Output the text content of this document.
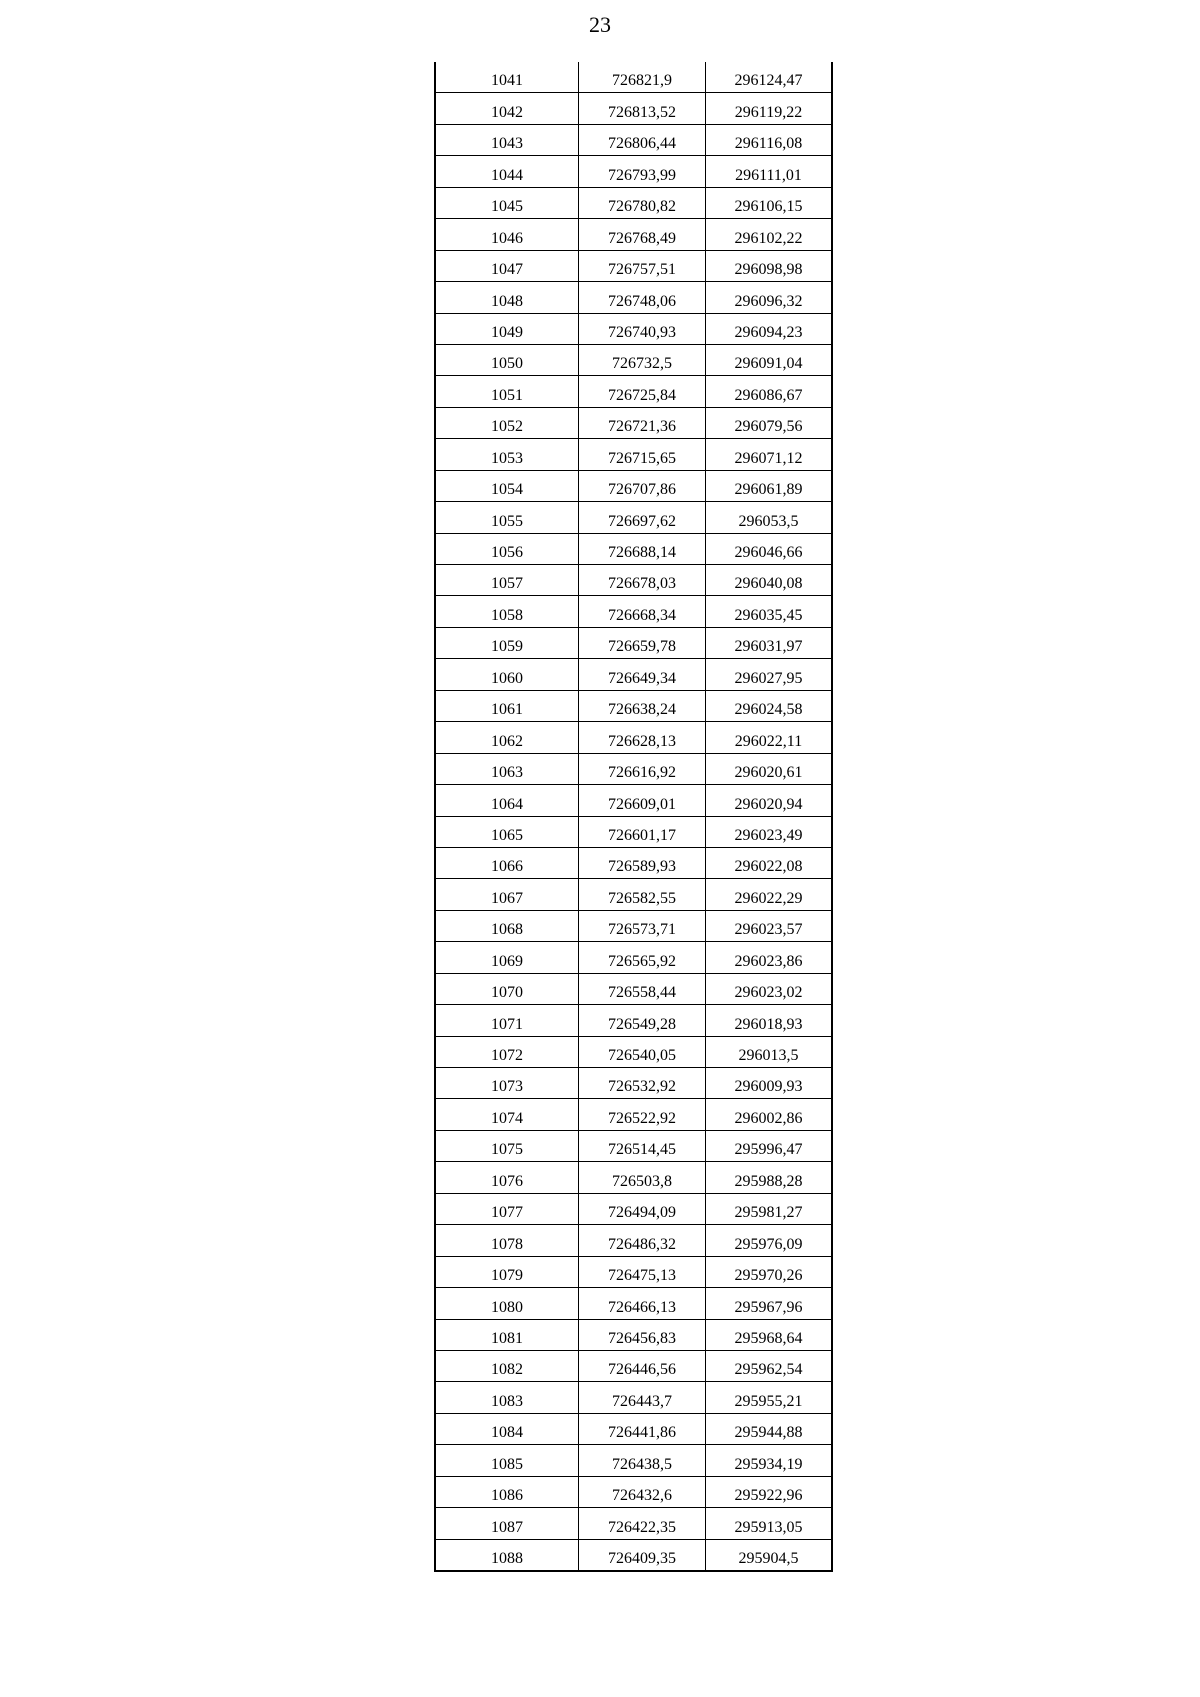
23
1041	726821,9	296124,47
1042	726813,52	296119,22
1043	726806,44	296116,08
1044	726793,99	296111,01
1045	726780,82	296106,15
1046	726768,49	296102,22
1047	726757,51	296098,98
1048	726748,06	296096,32
1049	726740,93	296094,23
1050	726732,5	296091,04
1051	726725,84	296086,67
1052	726721,36	296079,56
1053	726715,65	296071,12
1054	726707,86	296061,89
1055	726697,62	296053,5
1056	726688,14	296046,66
1057	726678,03	296040,08
1058	726668,34	296035,45
1059	726659,78	296031,97
1060	726649,34	296027,95
1061	726638,24	296024,58
1062	726628,13	296022,11
1063	726616,92	296020,61
1064	726609,01	296020,94
1065	726601,17	296023,49
1066	726589,93	296022,08
1067	726582,55	296022,29
1068	726573,71	296023,57
1069	726565,92	296023,86
1070	726558,44	296023,02
1071	726549,28	296018,93
1072	726540,05	296013,5
1073	726532,92	296009,93
1074	726522,92	296002,86
1075	726514,45	295996,47
1076	726503,8	295988,28
1077	726494,09	295981,27
1078	726486,32	295976,09
1079	726475,13	295970,26
1080	726466,13	295967,96
1081	726456,83	295968,64
1082	726446,56	295962,54
1083	726443,7	295955,21
1084	726441,86	295944,88
1085	726438,5	295934,19
1086	726432,6	295922,96
1087	726422,35	295913,05
1088	726409,35	295904,5
